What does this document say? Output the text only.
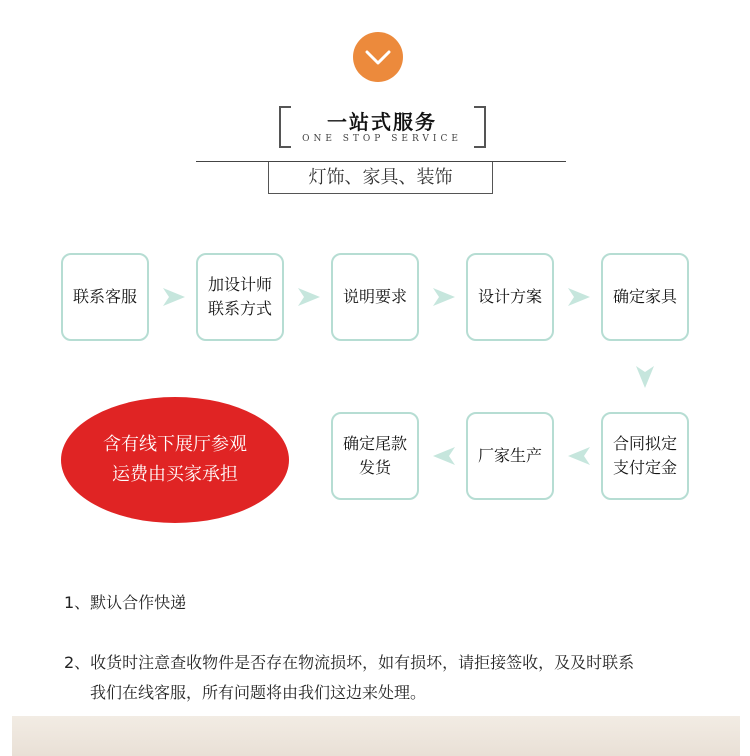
一站式服务
ONE STOP SERVICE
灯饰、家具、装饰
联系客服
加设计师
联系方式
说明要求	设计方案	确定家具
合同拟定
支付定金
厂家生产
确定尾款
发货
含有线下展厅参观
运费由买家承担
1、默认合作快递
2、收货时注意查收物件是否存在物流损坏，如有损坏，请拒接签收，及及时联系
我们在线客服，所有问题将由我们这边来处理。
